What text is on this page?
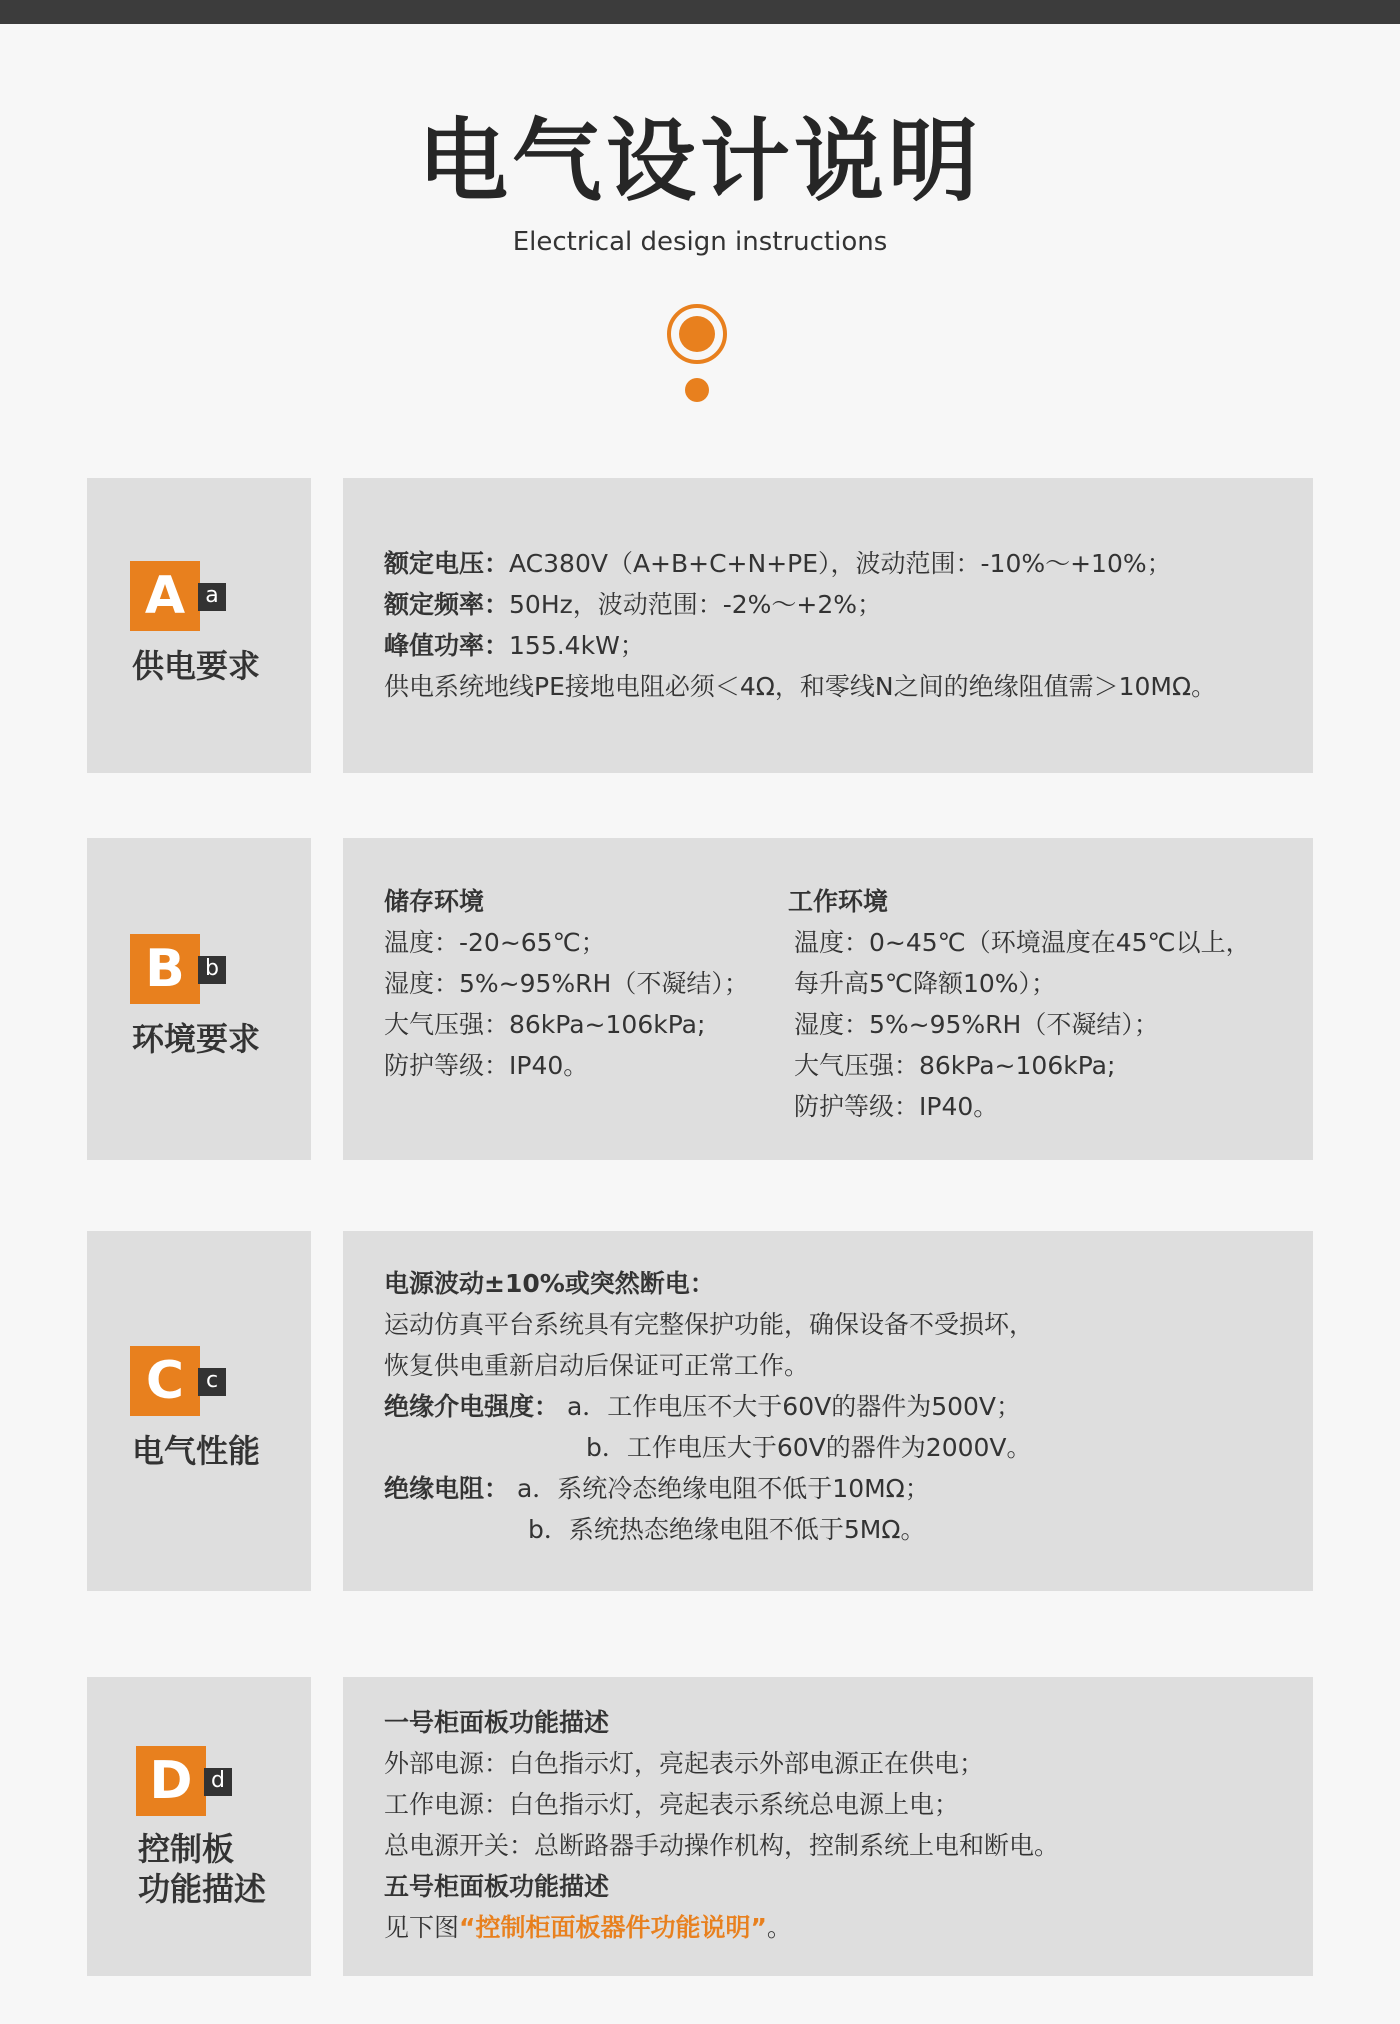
电气设计说明
Electrical design instructions
A a
供电要求
额定电压：AC380V（A+B+C+N+PE），波动范围：-10%～+10%；
额定频率：50Hz，波动范围：-2%～+2%；
峰值功率：155.4kW；
供电系统地线PE接地电阻必须＜4Ω，和零线N之间的绝缘阻值需＞10MΩ。
B b
环境要求
储存环境
温度：-20~65℃；
湿度：5%~95%RH（不凝结）；
大气压强：86kPa~106kPa;
防护等级：IP40。
工作环境
温度：0~45℃（环境温度在45℃以上，
每升高5℃降额10%）；
湿度：5%~95%RH（不凝结）；
大气压强：86kPa~106kPa;
防护等级：IP40。
C c
电气性能
电源波动±10%或突然断电：
运动仿真平台系统具有完整保护功能，确保设备不受损坏，
恢复供电重新启动后保证可正常工作。
绝缘介电强度： a．工作电压不大于60V的器件为500V；
b．工作电压大于60V的器件为2000V。
绝缘电阻： a．系统冷态绝缘电阻不低于10MΩ；
b．系统热态绝缘电阻不低于5MΩ。
D d
控制板
功能描述
一号柜面板功能描述
外部电源：白色指示灯，亮起表示外部电源正在供电；
工作电源：白色指示灯，亮起表示系统总电源上电；
总电源开关：总断路器手动操作机构，控制系统上电和断电。
五号柜面板功能描述
见下图“控制柜面板器件功能说明”。
